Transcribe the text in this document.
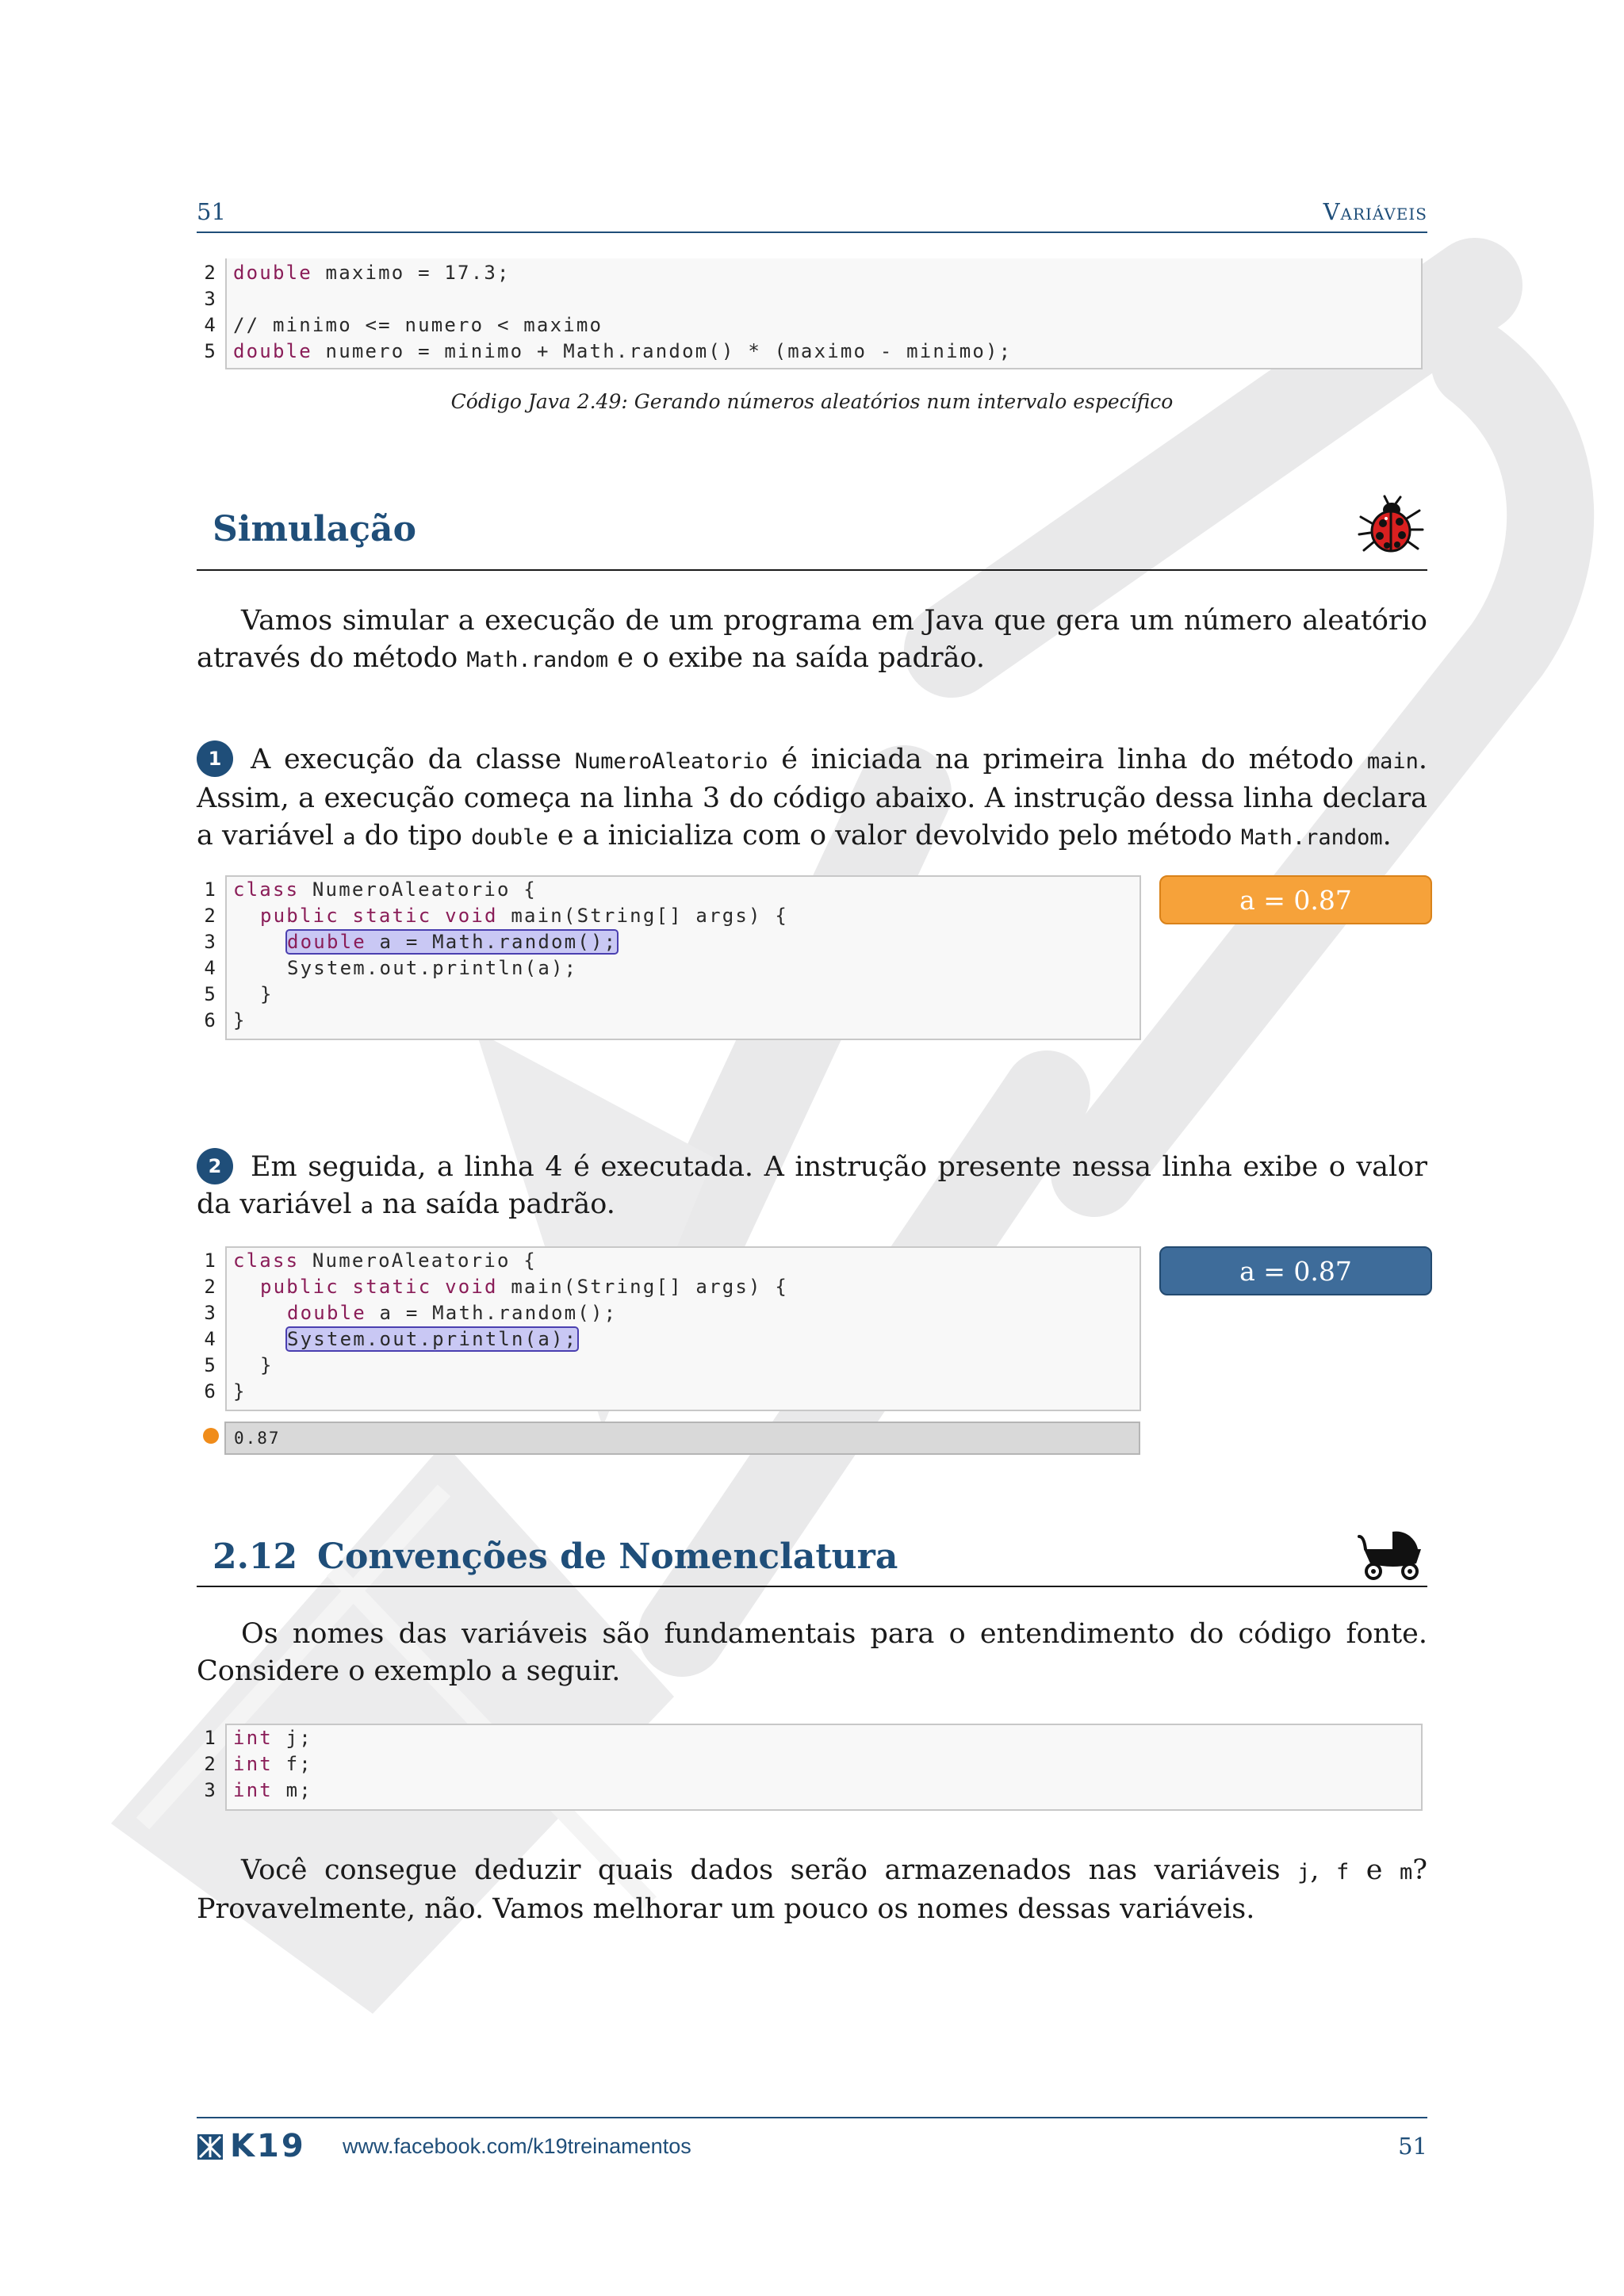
51	Variáveis
2
3
4
5
double maximo = 17.3;
// minimo <= numero < maximo
double numero = minimo + Math.random() * (maximo - minimo);
Código Java 2.49: Gerando números aleatórios num intervalo específico
Simulação

Vamos simular a execução de um programa em Java que gera um número aleatório através do método Math.random e o exibe na saída padrão.

1 A execução da classe NumeroAleatorio é iniciada na primeira linha do método main. Assim, a execução começa na linha 3 do código abaixo. A instrução dessa linha declara a variável a do tipo double e a inicializa com o valor devolvido pelo método Math.random.

1
2
3
4
5
6
class NumeroAleatorio {
public static void main(String[] args) {
double a = Math.random();
System.out.println(a);
}
}
a = 0.87

2 Em seguida, a linha 4 é executada. A instrução presente nessa linha exibe o valor da variável a na saída padrão.

1
2
3
4
5
6
class NumeroAleatorio {
public static void main(String[] args) {
double a = Math.random();
System.out.println(a);
}
}
a = 0.87
0.87
2.12 Convenções de Nomenclatura

Os nomes das variáveis são fundamentais para o entendimento do código fonte. Considere o exemplo a seguir.

1
2
3
int j;
int f;
int m;

Você consegue deduzir quais dados serão armazenados nas variáveis j, f e m? Provavelmente, não. Vamos melhorar um pouco os nomes dessas variáveis.

K19 www.facebook.com/k19treinamentos	51
